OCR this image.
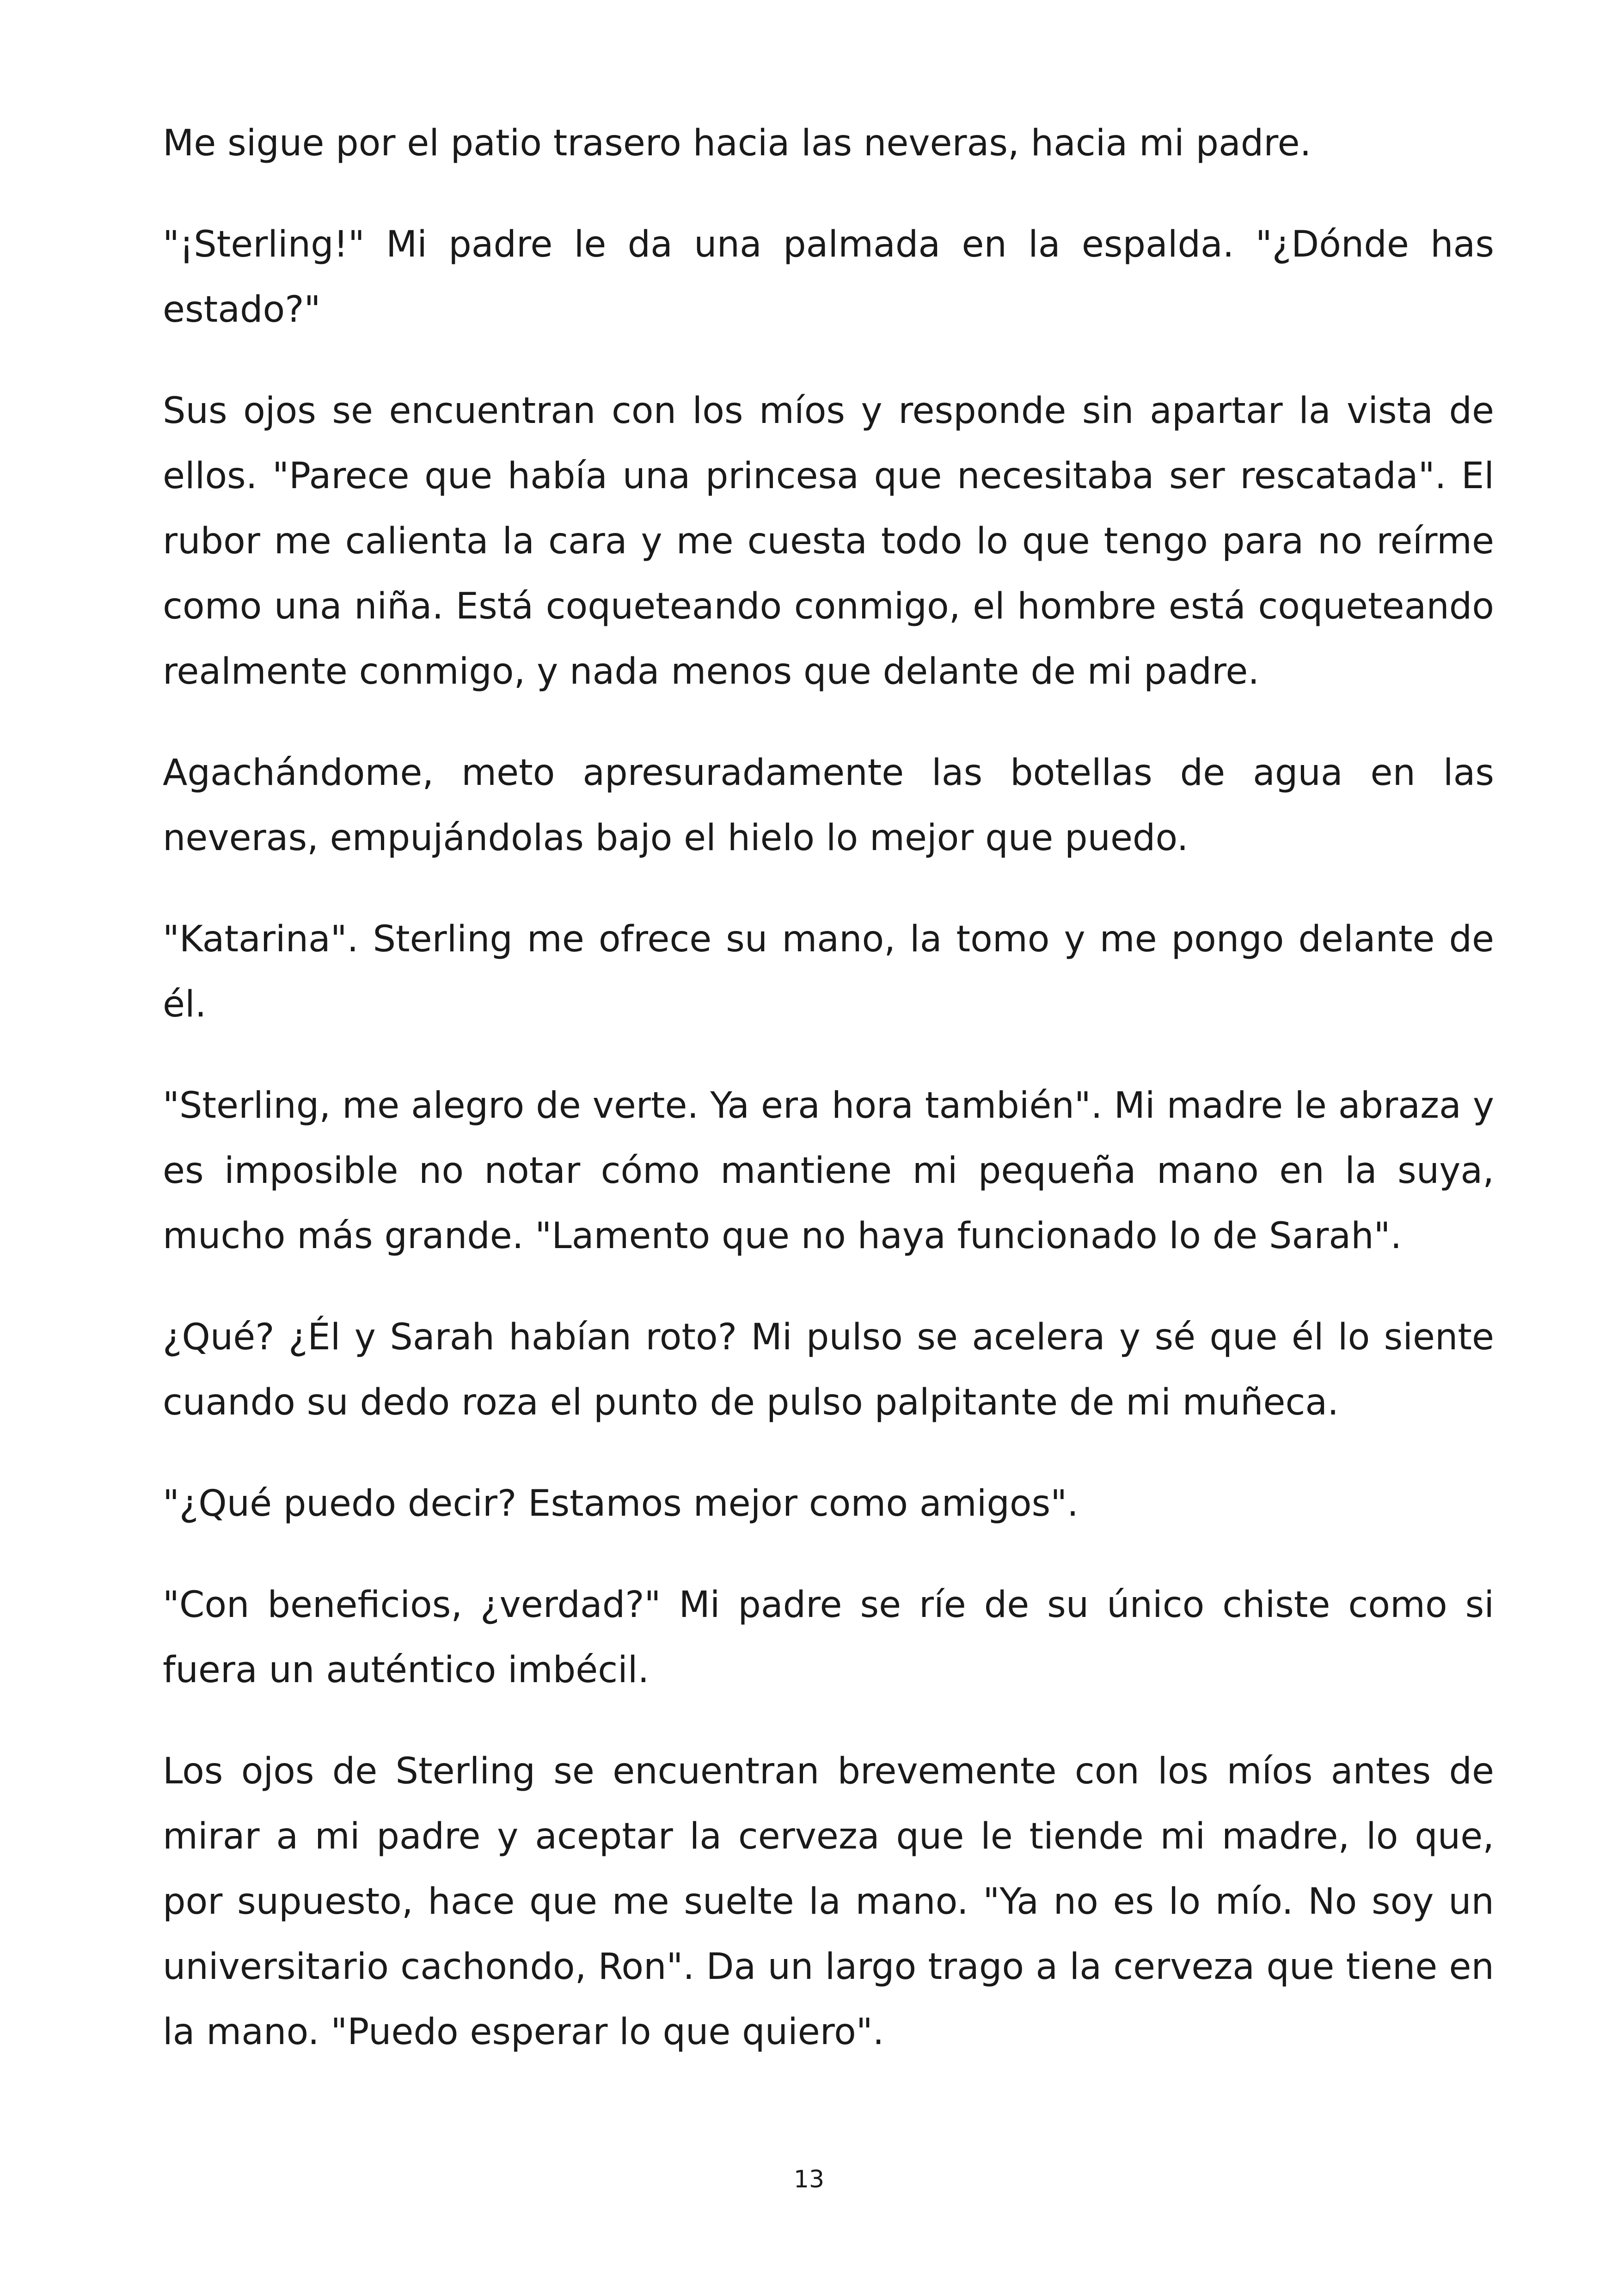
Me sigue por el patio trasero hacia las neveras, hacia mi padre.

"¡Sterling!" Mi padre le da una palmada en la espalda. "¿Dónde has estado?"

Sus ojos se encuentran con los míos y responde sin apartar la vista de ellos. "Parece que había una princesa que necesitaba ser rescatada". El rubor me calienta la cara y me cuesta todo lo que tengo para no reírme como una niña. Está coqueteando conmigo, el hombre está coqueteando realmente conmigo, y nada menos que delante de mi padre.

Agachándome, meto apresuradamente las botellas de agua en las neveras, empujándolas bajo el hielo lo mejor que puedo.

"Katarina". Sterling me ofrece su mano, la tomo y me pongo delante de él.

"Sterling, me alegro de verte. Ya era hora también". Mi madre le abraza y es imposible no notar cómo mantiene mi pequeña mano en la suya, mucho más grande. "Lamento que no haya funcionado lo de Sarah".

¿Qué? ¿Él y Sarah habían roto? Mi pulso se acelera y sé que él lo siente cuando su dedo roza el punto de pulso palpitante de mi muñeca.

"¿Qué puedo decir? Estamos mejor como amigos".

"Con beneficios, ¿verdad?" Mi padre se ríe de su único chiste como si fuera un auténtico imbécil.

Los ojos de Sterling se encuentran brevemente con los míos antes de mirar a mi padre y aceptar la cerveza que le tiende mi madre, lo que, por supuesto, hace que me suelte la mano. "Ya no es lo mío. No soy un universitario cachondo, Ron". Da un largo trago a la cerveza que tiene en la mano. "Puedo esperar lo que quiero".

13
